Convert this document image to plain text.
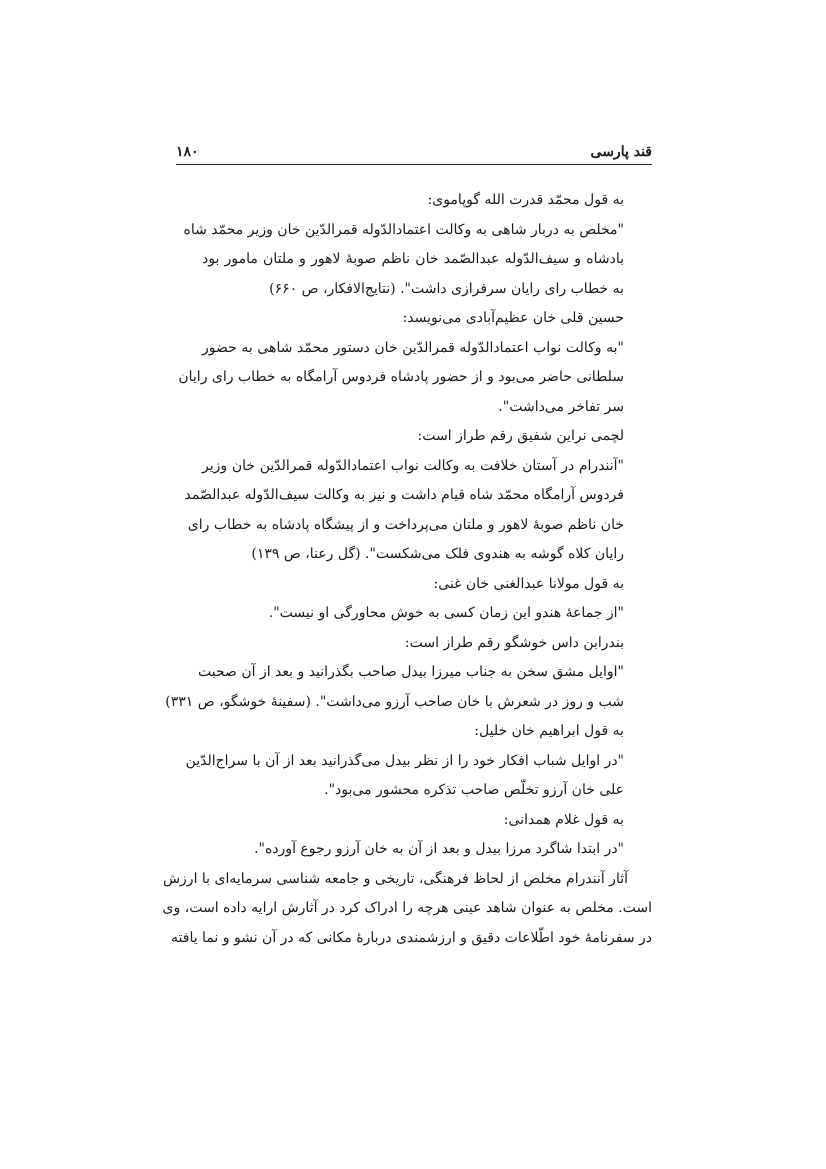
قند پارسی
۱۸۰
به قول محمّد قدرت الله گوپاموی:
"مخلص به دربار شاهی به وکالت اعتمادالدّوله قمرالدّین خان وزیر محمّد شاه
بادشاه و سیف‌الدّوله عبدالصّمد خان ناظم صوبهٔ لاهور و ملتان مامور بود
به خطاب رای رایان سرفرازی داشت". (نتایج‌الافکار، ص ۶۶۰)
حسین قلی خان عظیم‌آبادی می‌نویسد:
"به وکالت نواب اعتمادالدّوله قمرالدّین خان دستور محمّد شاهی به حضور
سلطانی حاضر می‌بود و از حضور پادشاه فردوس آرامگاه به خطاب رای رایان
سر تفاخر می‌داشت".
لچمی نراین شفیق رقم طراز است:
"آنندرام در آستان خلافت به وکالت نواب اعتمادالدّوله قمرالدّین خان وزیر
فردوس آرامگاه محمّد شاه قیام داشت و نیز به وکالت سیف‌الدّوله عبدالصّمد
خان ناظم صوبهٔ لاهور و ملتان می‌پرداخت و از پیشگاه پادشاه به خطاب رای
رایان کلاه گوشه به هندوی فلک می‌شکست". (گل رعنا، ص ۱۳۹)
به قول مولانا عبدالغنی خان غنی:
"از جماعهٔ هندو این زمان کسی به خوش محاورگی او نیست".
بندرابن داس خوشگو رقم طراز است:
"اوایل مشق سخن به جناب میرزا بیدل صاحب بگذرانید و بعد از آن صحبت
شب و روز در شعرش با خان صاحب آرزو می‌داشت". (سفینهٔ خوشگو، ص ۳۳۱)
به قول ابراهیم خان خلیل:
"در اوایل شباب افکار خود را از نظر بیدل می‌گذرانید بعد از آن با سراج‌الدّین
علی خان آرزو تخلّص صاحب تذکره محشور می‌بود".
به قول غلام همدانی:
"در ابتدا شاگرد مرزا بیدل و بعد از آن به خان آرزو رجوع آورده".
آثار آنندرام مخلص از لحاظ فرهنگی، تاریخی و جامعه شناسی سرمایه‌ای با ارزش
است. مخلص به عنوان شاهد عینی هرچه را ادراک کرد در آثارش ارایه داده است، وی
در سفرنامهٔ خود اطّلاعات دقیق و ارزشمندی دربارهٔ مکانی که در آن نشو و نما یافته
